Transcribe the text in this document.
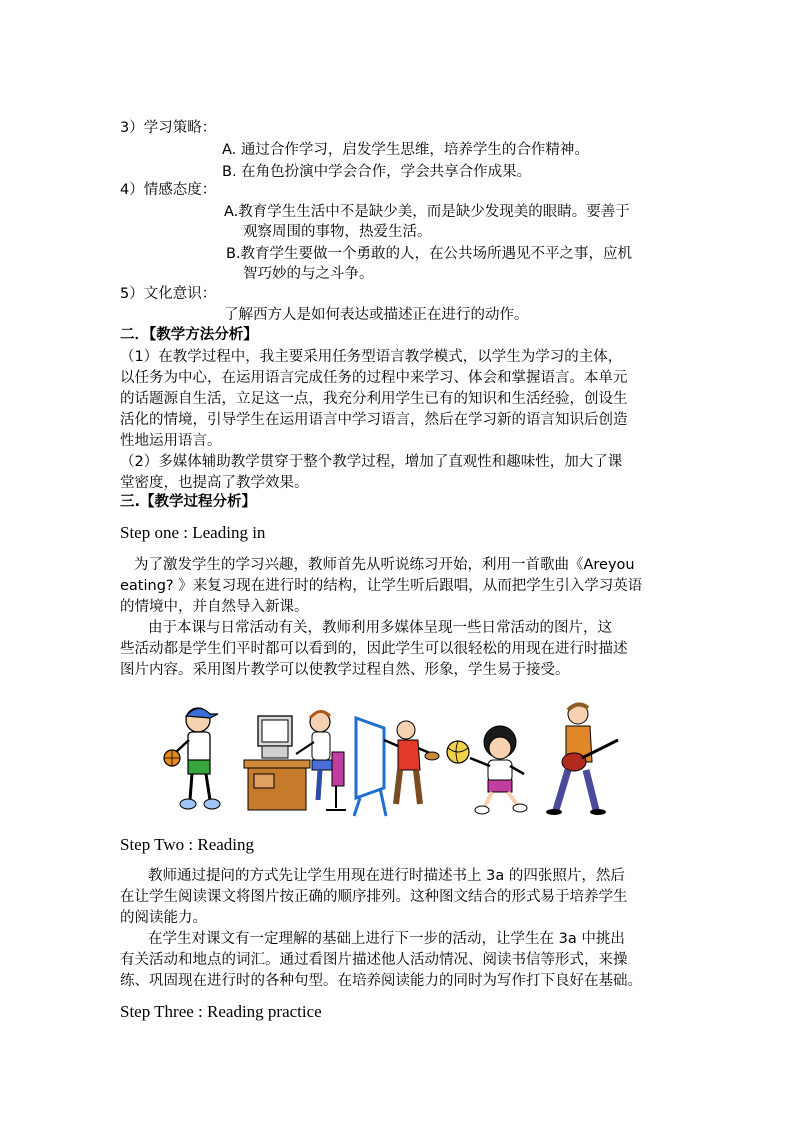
3）学习策略：
A. 通过合作学习，启发学生思维，培养学生的合作精神。
B. 在角色扮演中学会合作，学会共享合作成果。
4）情感态度：
A.教育学生生活中不是缺少美，而是缺少发现美的眼睛。要善于
观察周围的事物，热爱生活。
B.教育学生要做一个勇敢的人，在公共场所遇见不平之事，应机
智巧妙的与之斗争。
5）文化意识：
了解西方人是如何表达或描述正在进行的动作。
二．【教学方法分析】
（1）在教学过程中，我主要采用任务型语言教学模式，以学生为学习的主体，
以任务为中心，在运用语言完成任务的过程中来学习、体会和掌握语言。本单元
的话题源自生活，立足这一点，我充分利用学生已有的知识和生活经验，创设生
活化的情境，引导学生在运用语言中学习语言，然后在学习新的语言知识后创造
性地运用语言。
（2）多媒体辅助教学贯穿于整个教学过程，增加了直观性和趣味性，加大了课
堂密度，也提高了教学效果。
三.【教学过程分析】
Step one : Leading in
为了激发学生的学习兴趣，教师首先从听说练习开始，利用一首歌曲《Areyou
eating? 》来复习现在进行时的结构，让学生听后跟唱，从而把学生引入学习英语
的情境中，并自然导入新课。
由于本课与日常活动有关，教师利用多媒体呈现一些日常活动的图片，这
些活动都是学生们平时都可以看到的，因此学生可以很轻松的用现在进行时描述
图片内容。采用图片教学可以使教学过程自然、形象，学生易于接受。
Step Two : Reading
教师通过提问的方式先让学生用现在进行时描述书上 3a 的四张照片，然后
在让学生阅读课文将图片按正确的顺序排列。这种图文结合的形式易于培养学生
的阅读能力。
在学生对课文有一定理解的基础上进行下一步的活动，让学生在 3a 中挑出
有关活动和地点的词汇。通过看图片描述他人活动情况、阅读书信等形式，来操
练、巩固现在进行时的各种句型。在培养阅读能力的同时为写作打下良好在基础。
Step Three : Reading practice
